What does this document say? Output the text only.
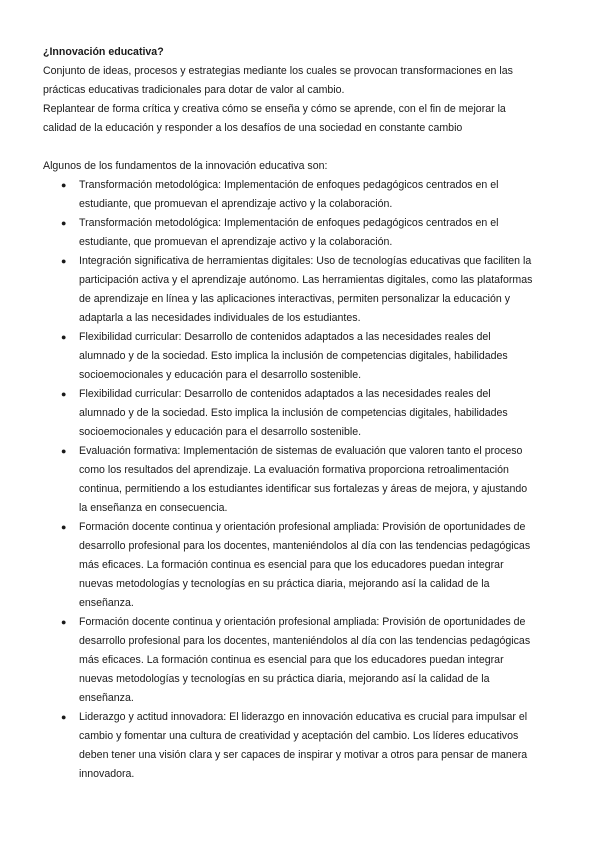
¿Innovación educativa?
Conjunto de ideas, procesos y estrategias mediante los cuales se provocan transformaciones en las
prácticas educativas tradicionales para dotar de valor al cambio.
Replantear de forma crítica y creativa cómo se enseña y cómo se aprende, con el fin de mejorar la
calidad de la educación y responder a los desafíos de una sociedad en constante cambio
Algunos de los fundamentos de la innovación educativa son:
● Transformación metodológica: Implementación de enfoques pedagógicos centrados en el
estudiante, que promuevan el aprendizaje activo y la colaboración.
● Transformación metodológica: Implementación de enfoques pedagógicos centrados en el
estudiante, que promuevan el aprendizaje activo y la colaboración.
● Integración significativa de herramientas digitales: Uso de tecnologías educativas que faciliten la
participación activa y el aprendizaje autónomo. Las herramientas digitales, como las plataformas
de aprendizaje en línea y las aplicaciones interactivas, permiten personalizar la educación y
adaptarla a las necesidades individuales de los estudiantes.
● Flexibilidad curricular: Desarrollo de contenidos adaptados a las necesidades reales del
alumnado y de la sociedad. Esto implica la inclusión de competencias digitales, habilidades
socioemocionales y educación para el desarrollo sostenible.
● Flexibilidad curricular: Desarrollo de contenidos adaptados a las necesidades reales del
alumnado y de la sociedad. Esto implica la inclusión de competencias digitales, habilidades
socioemocionales y educación para el desarrollo sostenible.
● Evaluación formativa: Implementación de sistemas de evaluación que valoren tanto el proceso
como los resultados del aprendizaje. La evaluación formativa proporciona retroalimentación
continua, permitiendo a los estudiantes identificar sus fortalezas y áreas de mejora, y ajustando
la enseñanza en consecuencia.
● Formación docente continua y orientación profesional ampliada: Provisión de oportunidades de
desarrollo profesional para los docentes, manteniéndolos al día con las tendencias pedagógicas
más eficaces. La formación continua es esencial para que los educadores puedan integrar
nuevas metodologías y tecnologías en su práctica diaria, mejorando así la calidad de la
enseñanza.
● Formación docente continua y orientación profesional ampliada: Provisión de oportunidades de
desarrollo profesional para los docentes, manteniéndolos al día con las tendencias pedagógicas
más eficaces. La formación continua es esencial para que los educadores puedan integrar
nuevas metodologías y tecnologías en su práctica diaria, mejorando así la calidad de la
enseñanza.
● Liderazgo y actitud innovadora: El liderazgo en innovación educativa es crucial para impulsar el
cambio y fomentar una cultura de creatividad y aceptación del cambio. Los líderes educativos
deben tener una visión clara y ser capaces de inspirar y motivar a otros para pensar de manera
innovadora.
